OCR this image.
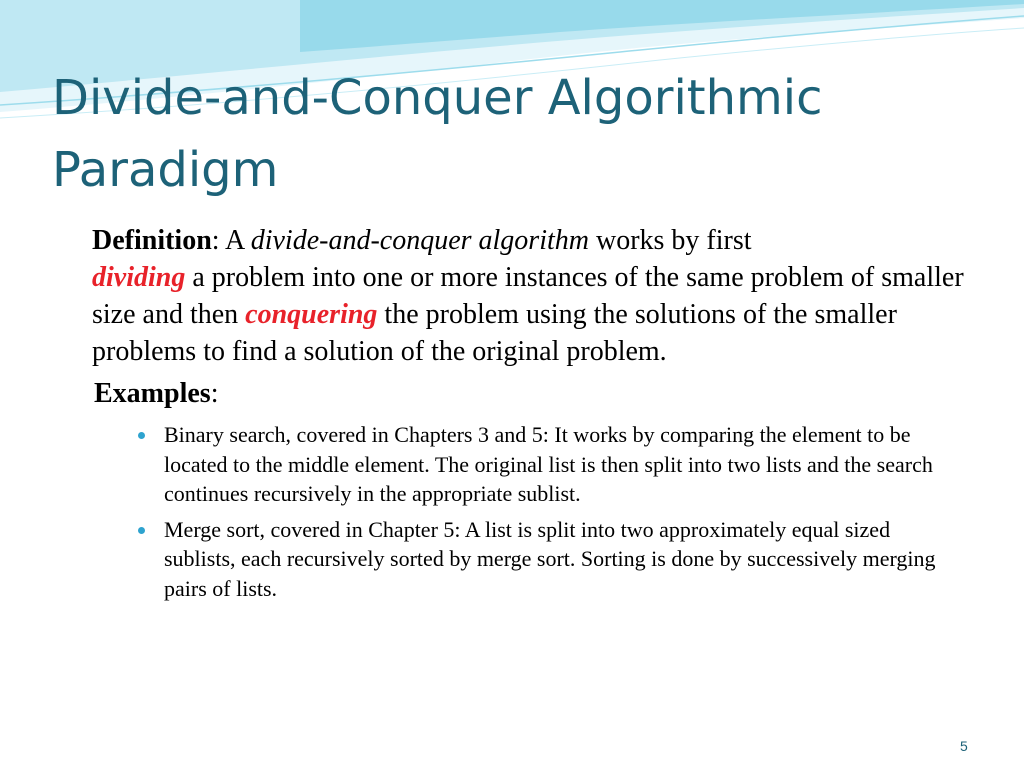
Divide-and-Conquer Algorithmic
Paradigm

Definition: A divide-and-conquer algorithm works by first
dividing a problem into one or more instances of the same problem of smaller size and then conquering the problem using the solutions of the smaller problems to find a solution of the original problem.

Examples:
Binary search, covered in Chapters 3 and 5: It works by comparing the element to be located to the middle element. The original list is then split into two lists and the search continues recursively in the appropriate sublist.
Merge sort, covered in Chapter 5: A list is split into two approximately equal sized sublists, each recursively sorted by merge sort. Sorting is done by successively merging pairs of lists.
5
